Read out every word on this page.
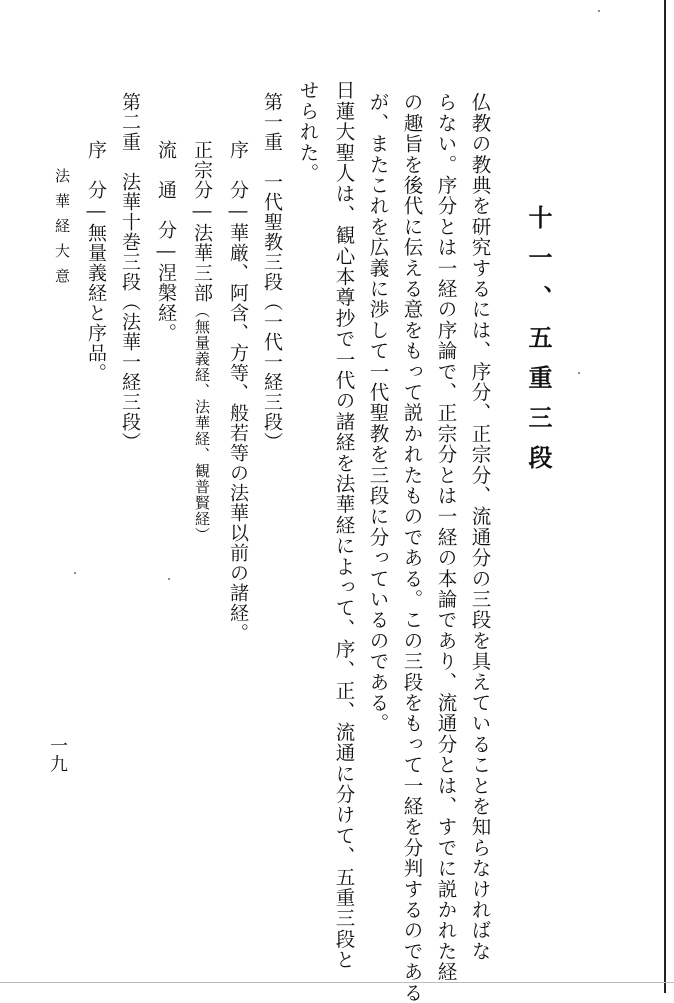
十一、五重三段
仏教の教典を研究するには、序分、正宗分、流通分の三段を具えていることを知らなければな
らない。序分とは一経の序論で、正宗分とは一経の本論であり、流通分とは、すでに説かれた経
の趣旨を後代に伝える意をもって説かれたものである。この三段をもって一経を分判するのである
が、またこれを広義に渉して一代聖教を三段に分っているのである。
日蓮大聖人は、観心本尊抄で一代の諸経を法華経によって、序、正、流通に分けて、五重三段と
せられた。
第一重　一代聖教三段（一代一経三段）
序　分―華厳、阿含、方等、般若等の法華以前の諸経。
正宗分―法華三部（無量義経、法華経、観普賢経）
流　通　分―涅槃経。
第二重　法華十巻三段（法華一経三段）
序　分―無量義経と序品。
法華経大意
一九
